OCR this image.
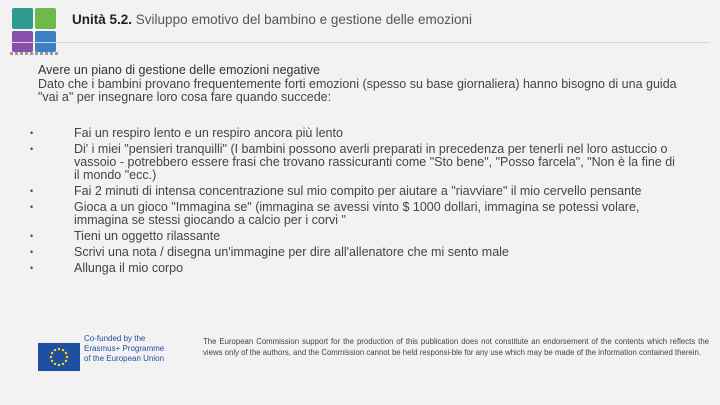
Unità 5.2. Sviluppo emotivo del bambino e gestione delle emozioni
Avere un piano di gestione delle emozioni negative
Dato che i bambini provano frequentemente forti emozioni (spesso su base giornaliera) hanno bisogno di una guida "vai a" per insegnare loro cosa fare quando succede:
•	Fai un respiro lento e un respiro ancora più lento
•	Di' i miei "pensieri tranquilli" (I bambini possono averli preparati in precedenza per tenerli nel loro astuccio o vassoio - potrebbero essere frasi che trovano rassicuranti come "Sto bene", "Posso farcela", "Non è la fine di il mondo "ecc.)
•	Fai 2 minuti di intensa concentrazione sul mio compito per aiutare a "riavviare" il mio cervello pensante
•	Gioca a un gioco "Immagina se" (immagina se avessi vinto $ 1000 dollari, immagina se potessi volare, immagina se stessi giocando a calcio per i corvi "
•	Tieni un oggetto rilassante
•	Scrivi una nota / disegna un'immagine per dire all'allenatore che mi sento male
•	Allunga il mio corpo
Co-funded by the
Erasmus+ Programme
of the European Union
The European Commission support for the production of this publication does not constitute an endorsement of the contents which reflects the views only of the authors, and the Commission cannot be held responsi-ble for any use which may be made of the information contained therein.
